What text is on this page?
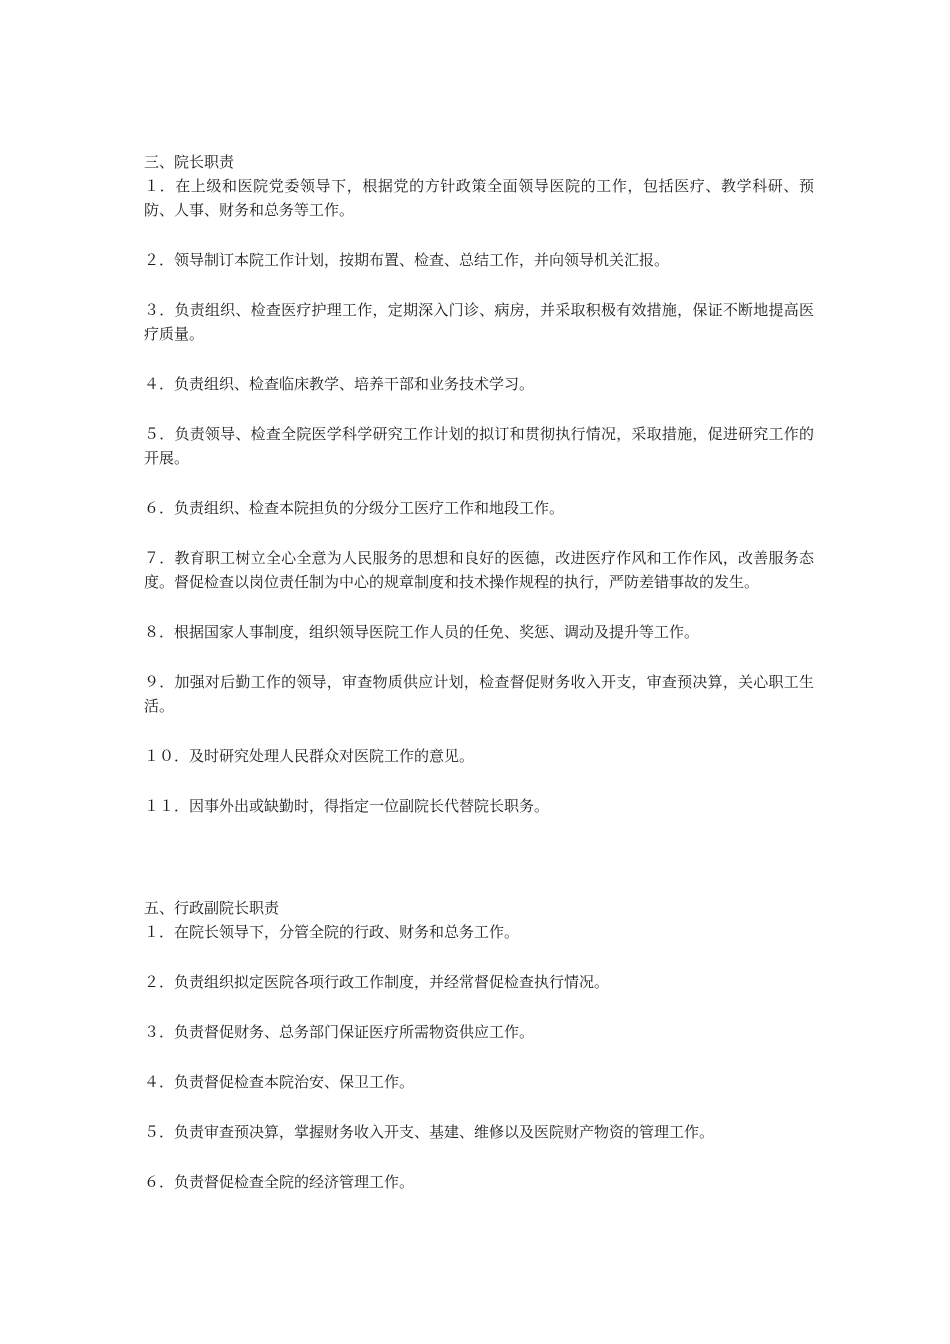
三、院长职责

１．在上级和医院党委领导下，根据党的方针政策全面领导医院的工作，包括医疗、教学科研、预防、人事、财务和总务等工作。

２．领导制订本院工作计划，按期布置、检查、总结工作，并向领导机关汇报。

３．负责组织、检查医疗护理工作，定期深入门诊、病房，并采取积极有效措施，保证不断地提高医疗质量。

４．负责组织、检查临床教学、培养干部和业务技术学习。

５．负责领导、检查全院医学科学研究工作计划的拟订和贯彻执行情况，采取措施，促进研究工作的开展。

６．负责组织、检查本院担负的分级分工医疗工作和地段工作。

７．教育职工树立全心全意为人民服务的思想和良好的医德，改进医疗作风和工作作风，改善服务态度。督促检查以岗位责任制为中心的规章制度和技术操作规程的执行，严防差错事故的发生。

８．根据国家人事制度，组织领导医院工作人员的任免、奖惩、调动及提升等工作。

９．加强对后勤工作的领导，审查物质供应计划，检查督促财务收入开支，审查预决算，关心职工生活。

１０．及时研究处理人民群众对医院工作的意见。

１１．因事外出或缺勤时，得指定一位副院长代替院长职务。

五、行政副院长职责

１．在院长领导下，分管全院的行政、财务和总务工作。

２．负责组织拟定医院各项行政工作制度，并经常督促检查执行情况。

３．负责督促财务、总务部门保证医疗所需物资供应工作。

４．负责督促检查本院治安、保卫工作。

５．负责审查预决算，掌握财务收入开支、基建、维修以及医院财产物资的管理工作。

６．负责督促检查全院的经济管理工作。
